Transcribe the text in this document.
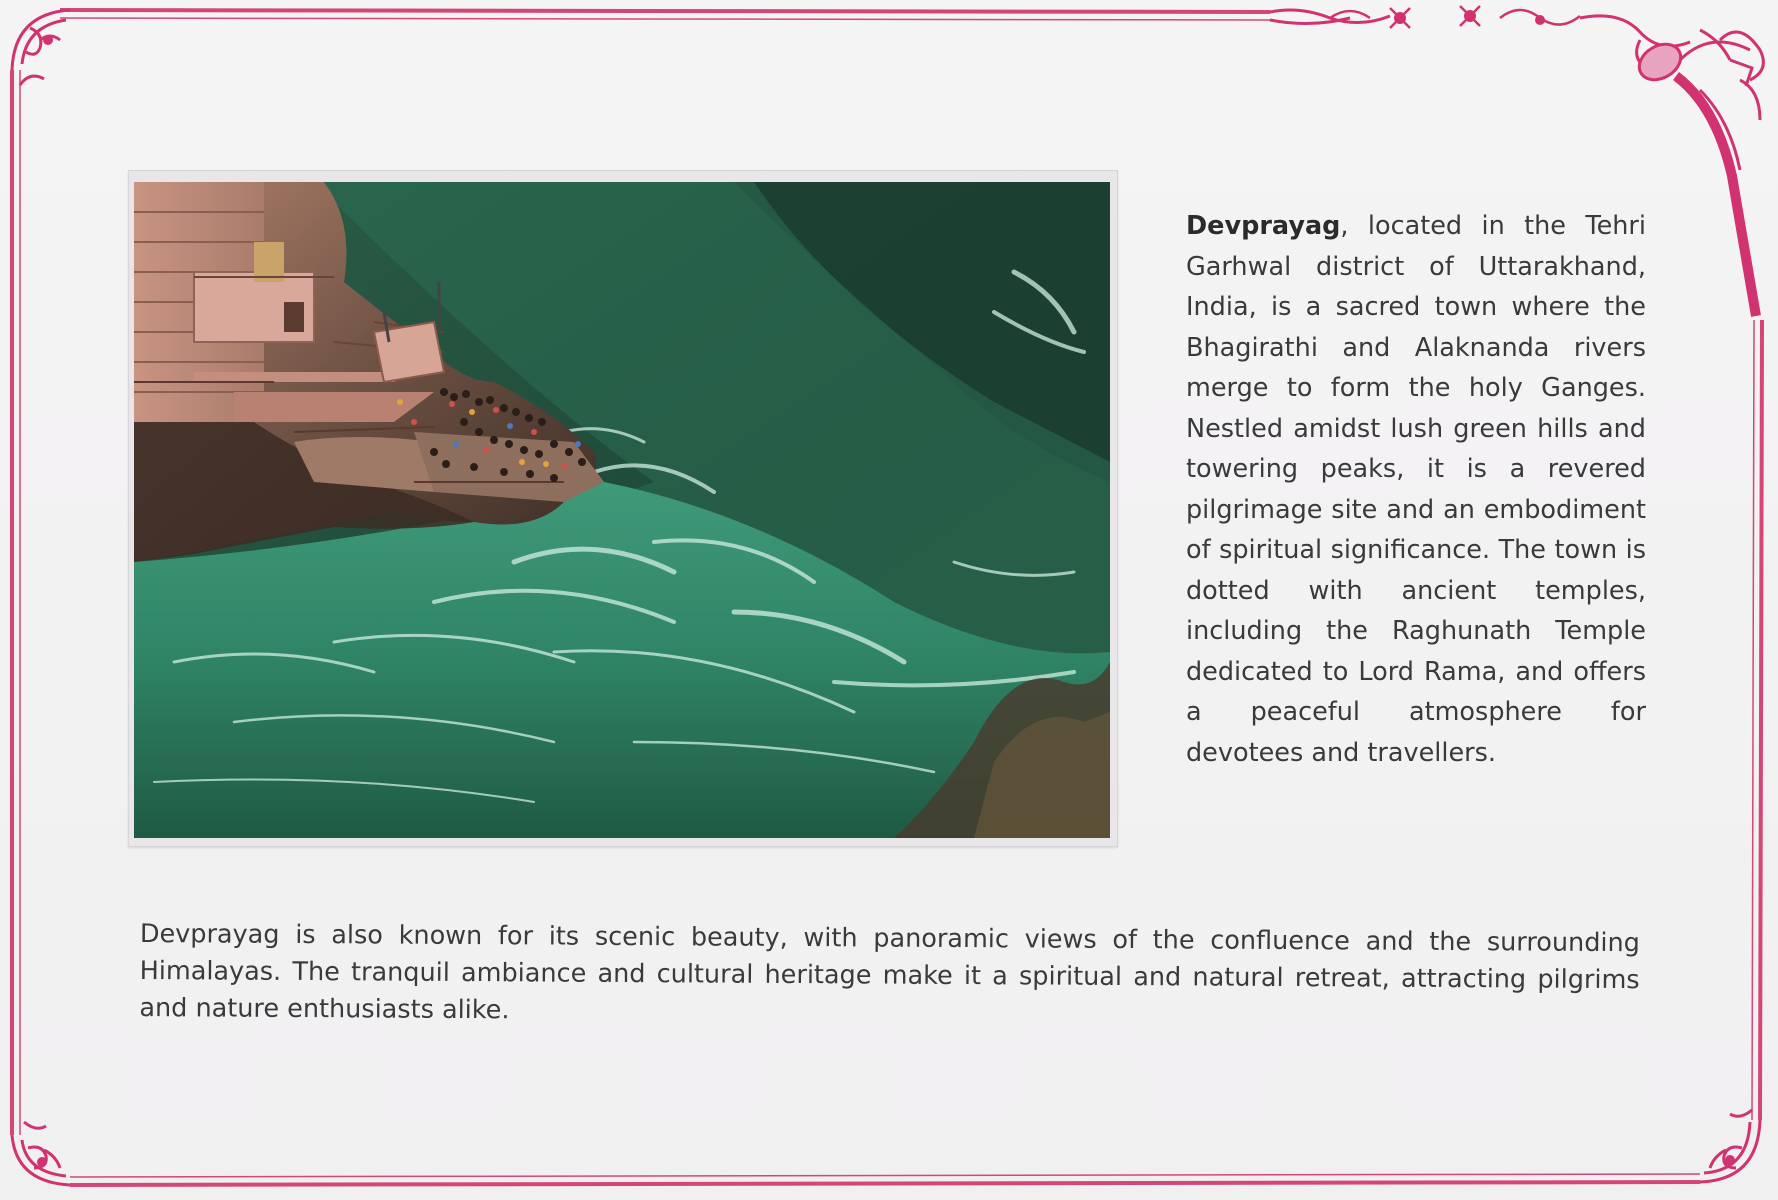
Devprayag, located in the Tehri Garhwal district of Uttarakhand, India, is a sacred town where the Bhagirathi and Alaknanda rivers merge to form the holy Ganges. Nestled amidst lush green hills and towering peaks, it is a revered pilgrimage site and an embodiment of spiritual significance. The town is dotted with ancient temples, including the Raghunath Temple dedicated to Lord Rama, and offers a peaceful atmosphere for devotees and travellers.
Devprayag is also known for its scenic beauty, with panoramic views of the confluence and the surrounding Himalayas. The tranquil ambiance and cultural heritage make it a spiritual and natural retreat, attracting pilgrims and nature enthusiasts alike.
